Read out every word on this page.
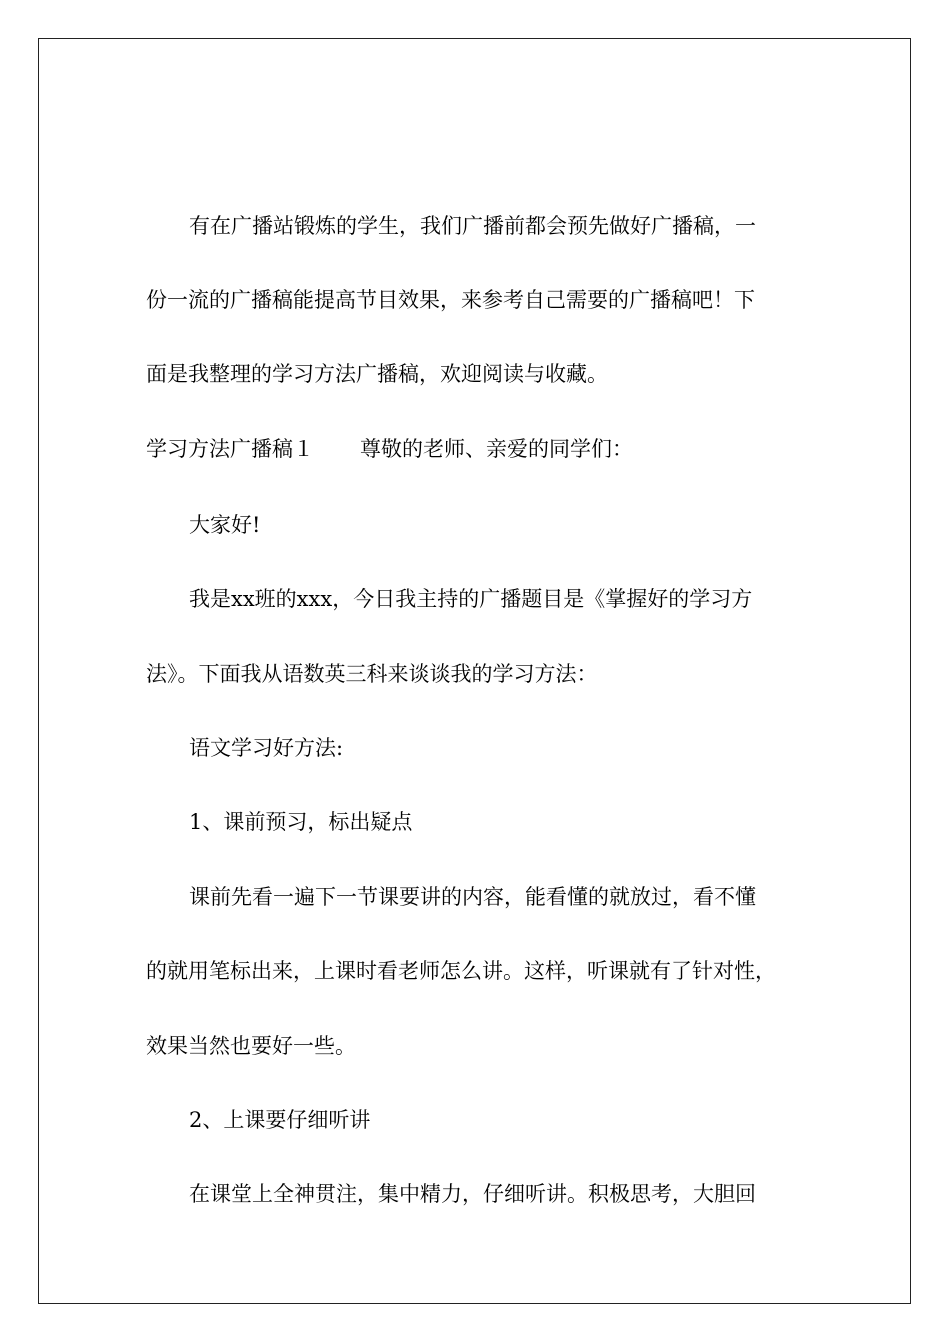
有在广播站锻炼的学生，我们广播前都会预先做好广播稿，一
份一流的广播稿能提高节目效果，来参考自己需要的广播稿吧！下
面是我整理的学习方法广播稿，欢迎阅读与收藏。
学习方法广播稿１ 尊敬的老师、亲爱的同学们：
大家好!
我是xx班的xxx，今日我主持的广播题目是《掌握好的学习方
法》。下面我从语数英三科来谈谈我的学习方法：
语文学习好方法:
1、课前预习，标出疑点
课前先看一遍下一节课要讲的内容，能看懂的就放过，看不懂
的就用笔标出来，上课时看老师怎么讲。这样，听课就有了针对性，
效果当然也要好一些。
2、上课要仔细听讲
在课堂上全神贯注，集中精力，仔细听讲。积极思考，大胆回
